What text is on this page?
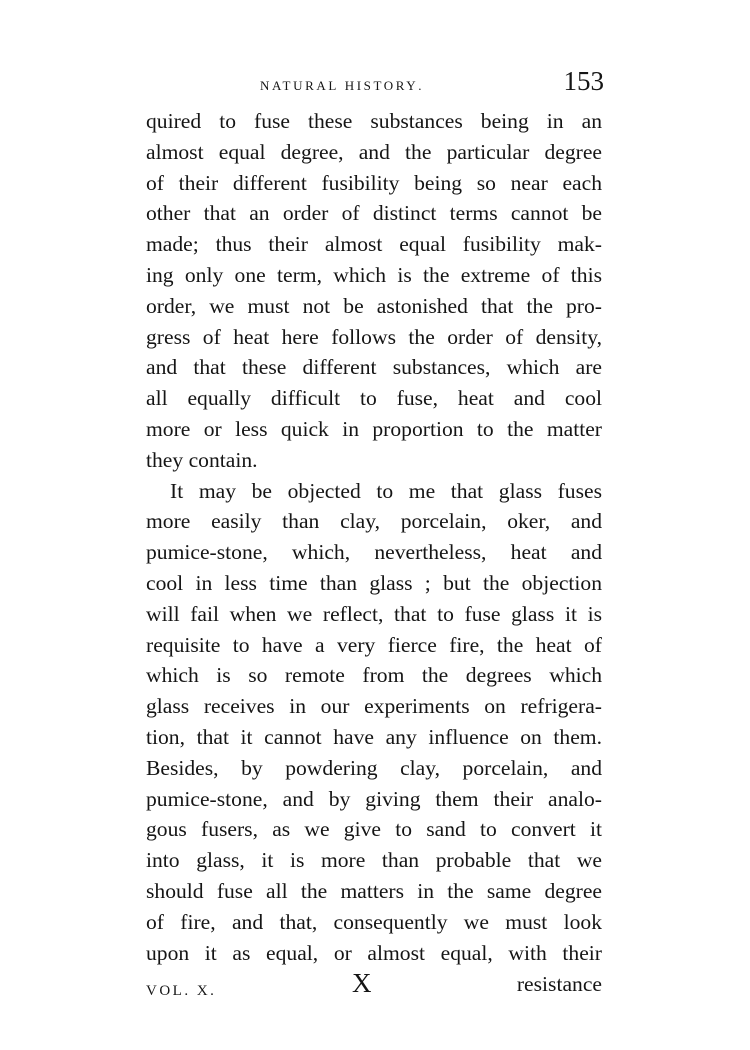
natural history.	153
quired to fuse these substances being in an
almost equal degree, and the particular degree
of their different fusibility being so near each
other that an order of distinct terms cannot be
made; thus their almost equal fusibility mak-
ing only one term, which is the extreme of this
order, we must not be astonished that the pro-
gress of heat here follows the order of density,
and that these different substances, which are
all equally difficult to fuse, heat and cool
more or less quick in proportion to the matter
they contain.
It may be objected to me that glass fuses
more easily than clay, porcelain, oker, and
pumice-stone, which, nevertheless, heat and
cool in less time than glass ; but the objection
will fail when we reflect, that to fuse glass it is
requisite to have a very fierce fire, the heat of
which is so remote from the degrees which
glass receives in our experiments on refrigera-
tion, that it cannot have any influence on them.
Besides, by powdering clay, porcelain, and
pumice-stone, and by giving them their analo-
gous fusers, as we give to sand to convert it
into glass, it is more than probable that we
should fuse all the matters in the same degree
of fire, and that, consequently we must look
upon it as equal, or almost equal, with their
VOL. X.	X	resistance
